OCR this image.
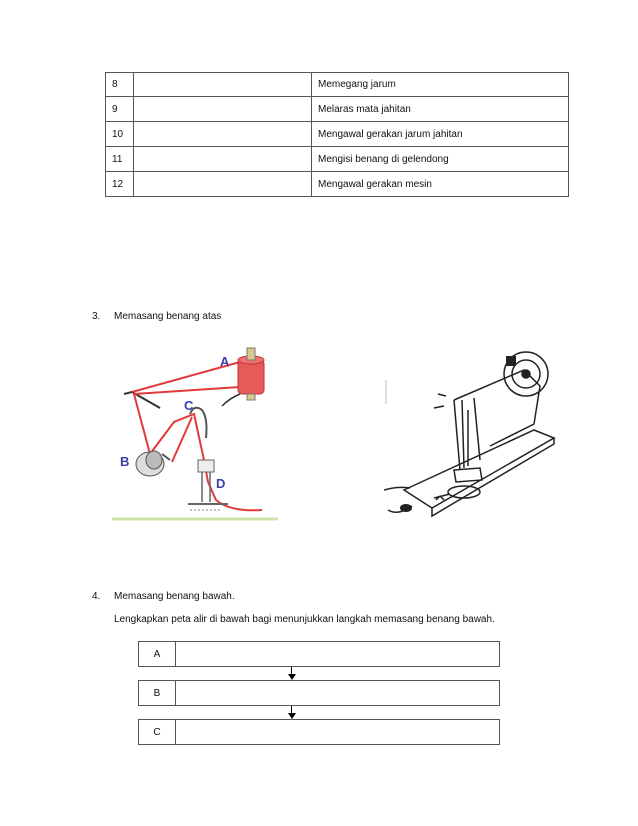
8	Memegang jarum
9	Melaras mata jahitan
10	Mengawal gerakan jarum jahitan
11	Mengisi benang di gelendong
12	Mengawal gerakan mesin
3. Memasang benang atas
A
B
C
D
4. Memasang benang bawah.
Lengkapkan peta alir di bawah bagi menunjukkan langkah memasang benang bawah.
A
B
C
